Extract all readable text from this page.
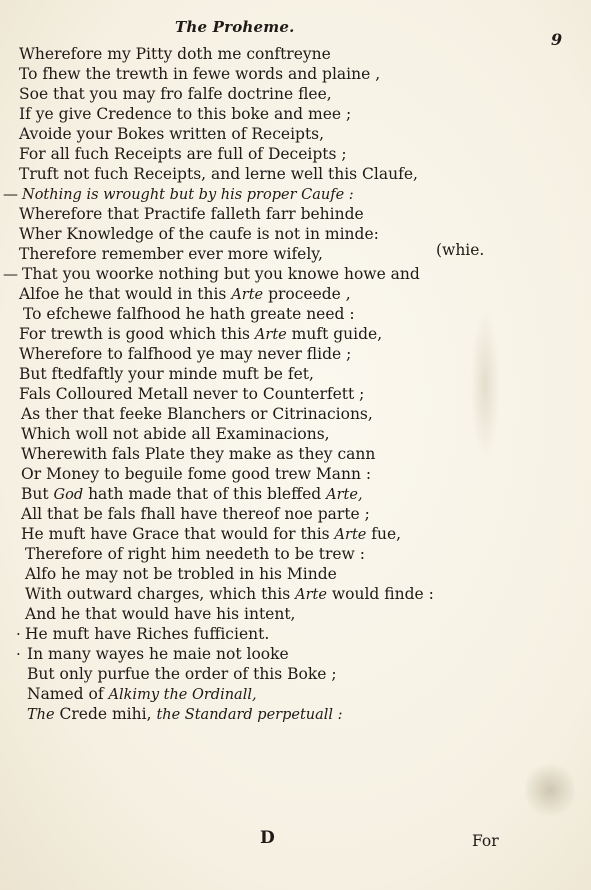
The Proheme.
9
Wherefore my Pitty doth me conftreyne
To fhew the trewth in fewe words and plaine ,
Soe that you may fro falfe doctrine flee,
If ye give Credence to this boke and mee ;
Avoide your Bokes written of Receipts,
For all fuch Receipts are full of Deceipts ;
Truft not fuch Receipts, and lerne well this Claufe,
— Nothing is wrought but by his proper Caufe :
Wherefore that Practife falleth farr behinde
Wher Knowledge of the caufe is not in minde:
Therefore remember ever more wifely,
— That you woorke nothing but you knowe howe and
Alfoe he that would in this Arte proceede ,
To efchewe falfhood he hath greate need :
For trewth is good which this Arte muft guide,
Wherefore to falfhood ye may never flide ;
But ftedfaftly your minde muft be fet,
Fals Colloured Metall never to Counterfett ;
As ther that feeke Blanchers or Citrinacions,
Which woll not abide all Examinacions,
Wherewith fals Plate they make as they cann
Or Money to beguile fome good trew Mann :
But God hath made that of this bleffed Arte,
All that be fals fhall have thereof noe parte ;
He muft have Grace that would for this Arte fue,
Therefore of right him needeth to be trew :
Alfo he may not be trobled in his Minde
With outward charges, which this Arte would finde :
And he that would have his intent,
· He muft have Riches fufficient.
· In many wayes he maie not looke
But only purfue the order of this Boke ;
Named of Alkimy the Ordinall,
The Crede mihi, the Standard perpetuall :
(whie.
D	For
